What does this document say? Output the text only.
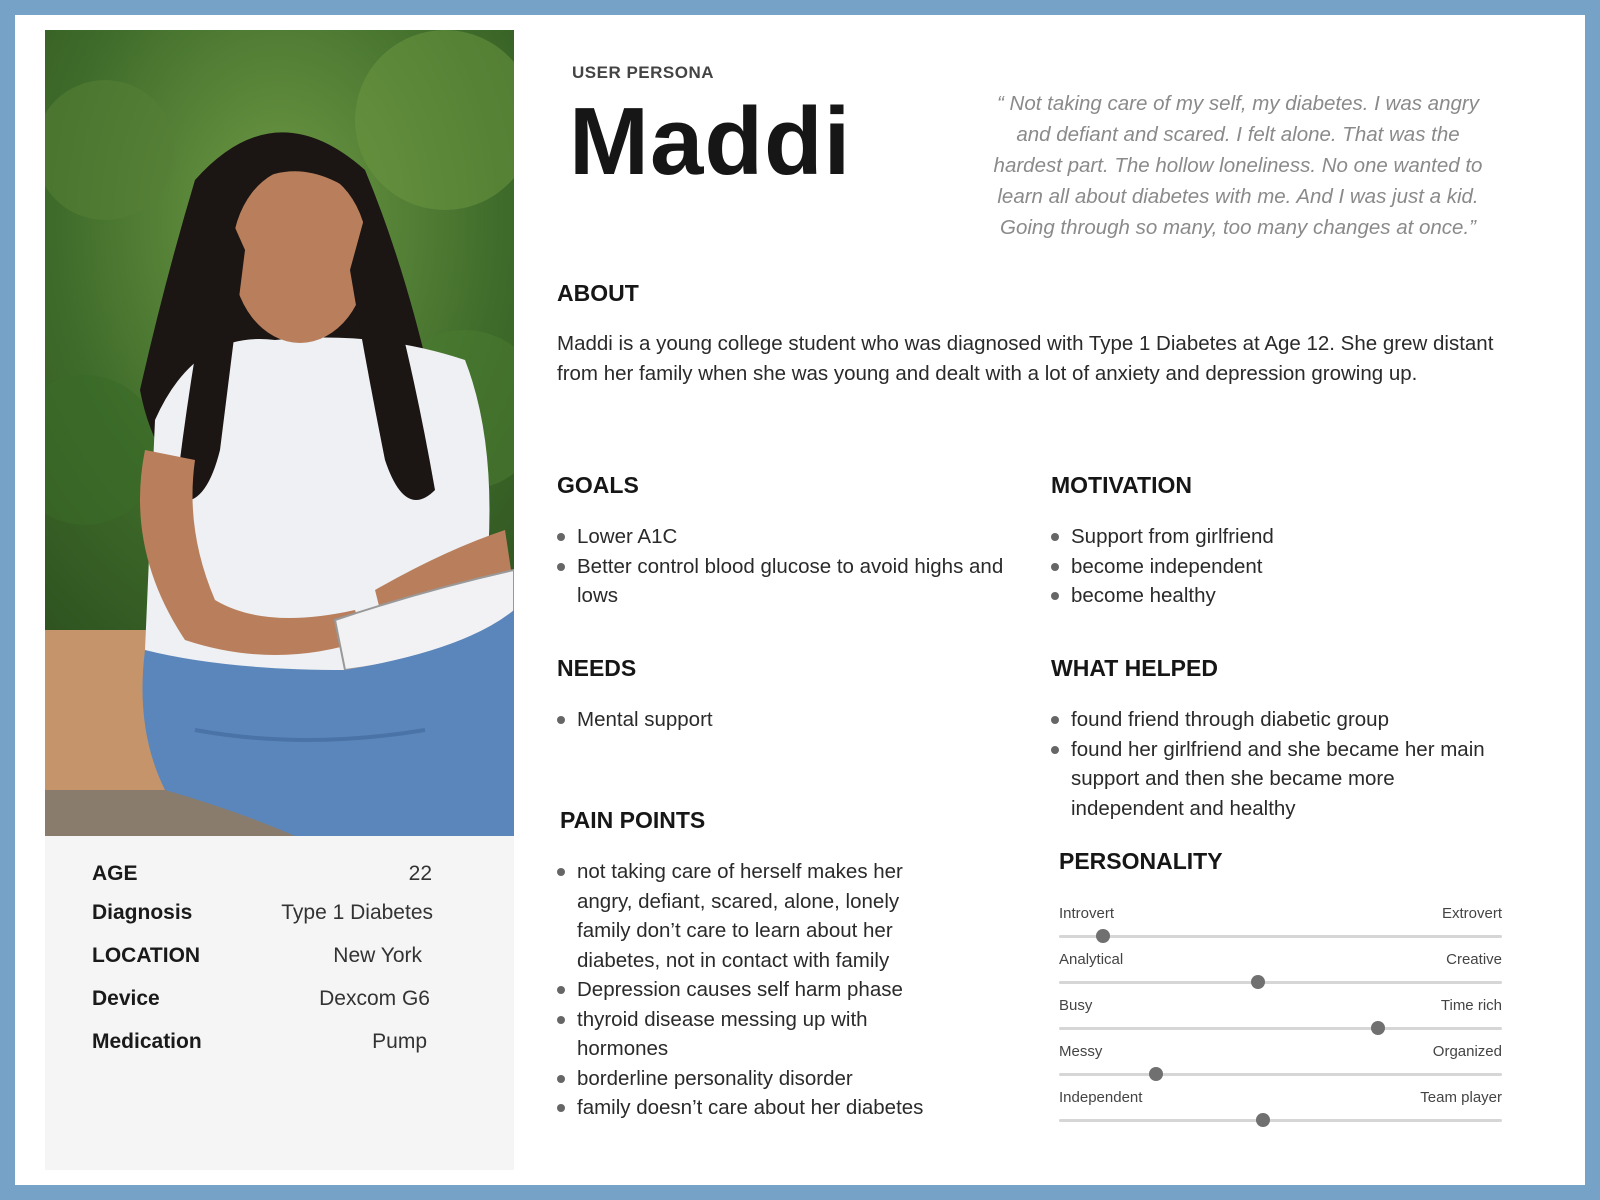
AGE	22
Diagnosis	Type 1 Diabetes
LOCATION	New York
Device	Dexcom G6
Medication	Pump
USER PERSONA
Maddi	“ Not taking care of my self, my diabetes. I was angry and defiant and scared. I felt alone. That was the hardest part. The hollow loneliness. No one wanted to learn all about diabetes with me. And I was just a kid. Going through so many, too many changes at once.”
ABOUT
Maddi is a young college student who was diagnosed with Type 1 Diabetes at Age 12. She grew distant from her family when she was young and dealt with a lot of anxiety and depression growing up.
GOALS
Lower A1C
Better control blood glucose to avoid highs and lows
MOTIVATION
Support from girlfriend
become independent
become healthy
NEEDS
Mental support
WHAT HELPED
found friend through diabetic group
found her girlfriend and she became her main support and then she became more independent and healthy
PAIN POINTS
not taking care of herself makes her angry, defiant, scared, alone, lonely family don’t care to learn about her diabetes, not in contact with family
Depression causes self harm phase
thyroid disease messing up with hormones
borderline personality disorder
family doesn’t care about her diabetes
PERSONALITY
Introvert	Extrovert
Analytical	Creative
Busy	Time rich
Messy	Organized
Independent	Team player
